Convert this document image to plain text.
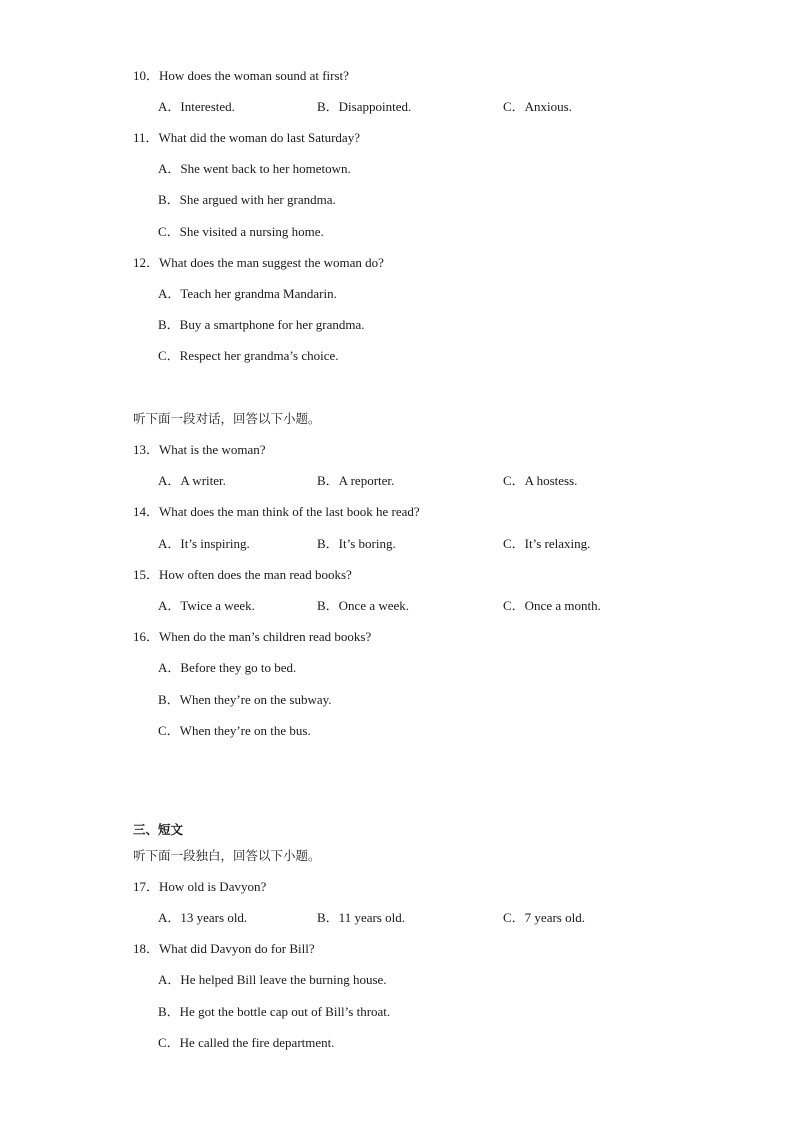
10．How does the woman sound at first?
A．Interested.	B．Disappointed.	C．Anxious.
11．What did the woman do last Saturday?
A．She went back to her hometown.
B．She argued with her grandma.
C．She visited a nursing home.
12．What does the man suggest the woman do?
A．Teach her grandma Mandarin.
B．Buy a smartphone for her grandma.
C．Respect her grandma’s choice.
听下面一段对话，回答以下小题。
13．What is the woman?
A．A writer.	B．A reporter.	C．A hostess.
14．What does the man think of the last book he read?
A．It’s inspiring.	B．It’s boring.	C．It’s relaxing.
15．How often does the man read books?
A．Twice a week.	B．Once a week.	C．Once a month.
16．When do the man’s children read books?
A．Before they go to bed.
B．When they’re on the subway.
C．When they’re on the bus.
三、短文
听下面一段独白，回答以下小题。
17．How old is Davyon?
A．13 years old.	B．11 years old.	C．7 years old.
18．What did Davyon do for Bill?
A．He helped Bill leave the burning house.
B．He got the bottle cap out of Bill’s throat.
C．He called the fire department.
